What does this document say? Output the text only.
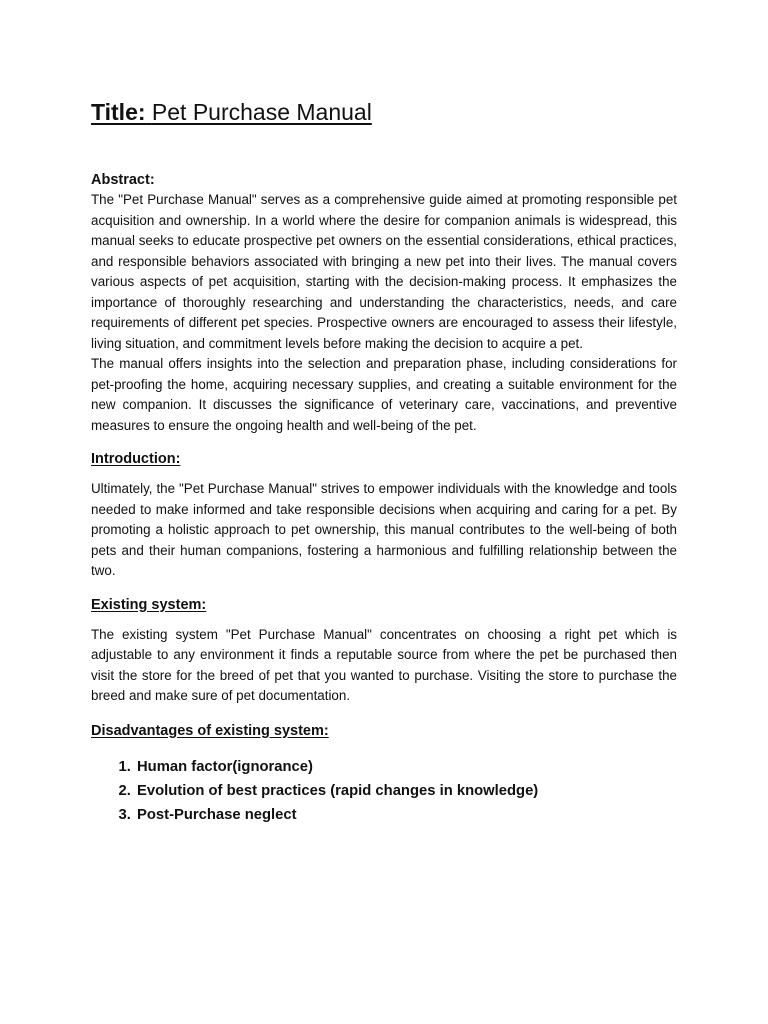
Title: Pet Purchase Manual
Abstract:

The "Pet Purchase Manual" serves as a comprehensive guide aimed at promoting responsible pet acquisition and ownership. In a world where the desire for companion animals is widespread, this manual seeks to educate prospective pet owners on the essential considerations, ethical practices, and responsible behaviors associated with bringing a new pet into their lives. The manual covers various aspects of pet acquisition, starting with the decision-making process. It emphasizes the importance of thoroughly researching and understanding the characteristics, needs, and care requirements of different pet species. Prospective owners are encouraged to assess their lifestyle, living situation, and commitment levels before making the decision to acquire a pet.

The manual offers insights into the selection and preparation phase, including considerations for pet-proofing the home, acquiring necessary supplies, and creating a suitable environment for the new companion. It discusses the significance of veterinary care, vaccinations, and preventive measures to ensure the ongoing health and well-being of the pet.

Introduction:

Ultimately, the "Pet Purchase Manual" strives to empower individuals with the knowledge and tools needed to make informed and take responsible decisions when acquiring and caring for a pet. By promoting a holistic approach to pet ownership, this manual contributes to the well-being of both pets and their human companions, fostering a harmonious and fulfilling relationship between the two.

Existing system:

The existing system "Pet Purchase Manual" concentrates on choosing a right pet which is adjustable to any environment it finds a reputable source from where the pet be purchased then visit the store for the breed of pet that you wanted to purchase. Visiting the store to purchase the breed and make sure of pet documentation.

Disadvantages of existing system:
1. Human factor(ignorance)
2. Evolution of best practices (rapid changes in knowledge)
3. Post-Purchase neglect
